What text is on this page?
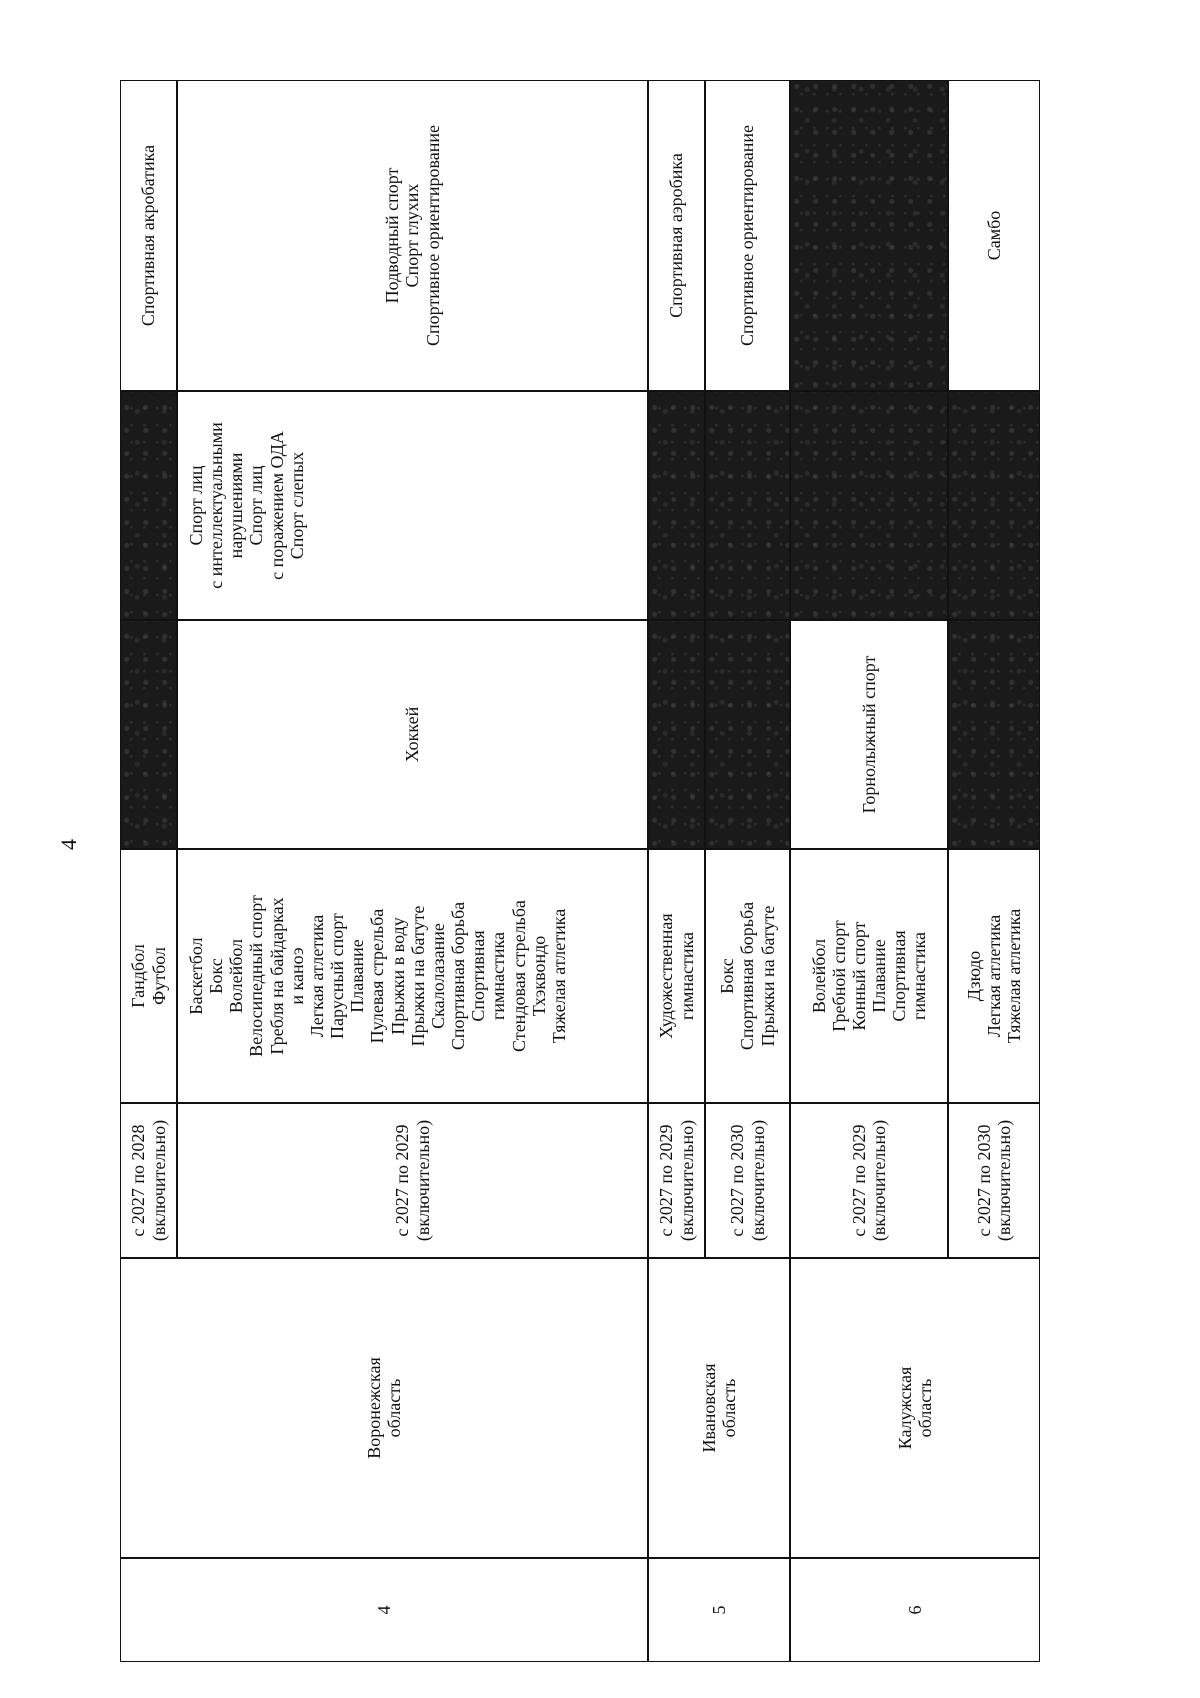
4
4
Воронежская
область
с 2027 по 2028
(включительно)
Гандбол
Футбол
Спортивная акробатика
с 2027 по 2029
(включительно)
Баскетбол
Бокс
Волейбол
Велосипедный спорт
Гребля на байдарках
и каноэ
Легкая атлетика
Парусный спорт
Плавание
Пулевая стрельба
Прыжки в воду
Прыжки на батуте
Скалолазание
Спортивная борьба
Спортивная
гимнастика
Стендовая стрельба
Тхэквондо
Тяжелая атлетика
Хоккей
Спорт лиц
с интеллектуальными
нарушениями
Спорт лиц
с поражением ОДА
Спорт слепых
Подводный спорт
Спорт глухих
Спортивное ориентирование
5
Ивановская
область
с 2027 по 2029
(включительно)
Художественная
гимнастика
Спортивная аэробика
с 2027 по 2030
(включительно)
Бокс
Спортивная борьба
Прыжки на батуте
Спортивное ориентирование
6
Калужская
область
с 2027 по 2029
(включительно)
Волейбол
Гребной спорт
Конный спорт
Плавание
Спортивная
гимнастика
Горнолыжный спорт
с 2027 по 2030
(включительно)
Дзюдо
Легкая атлетика
Тяжелая атлетика
Самбо
